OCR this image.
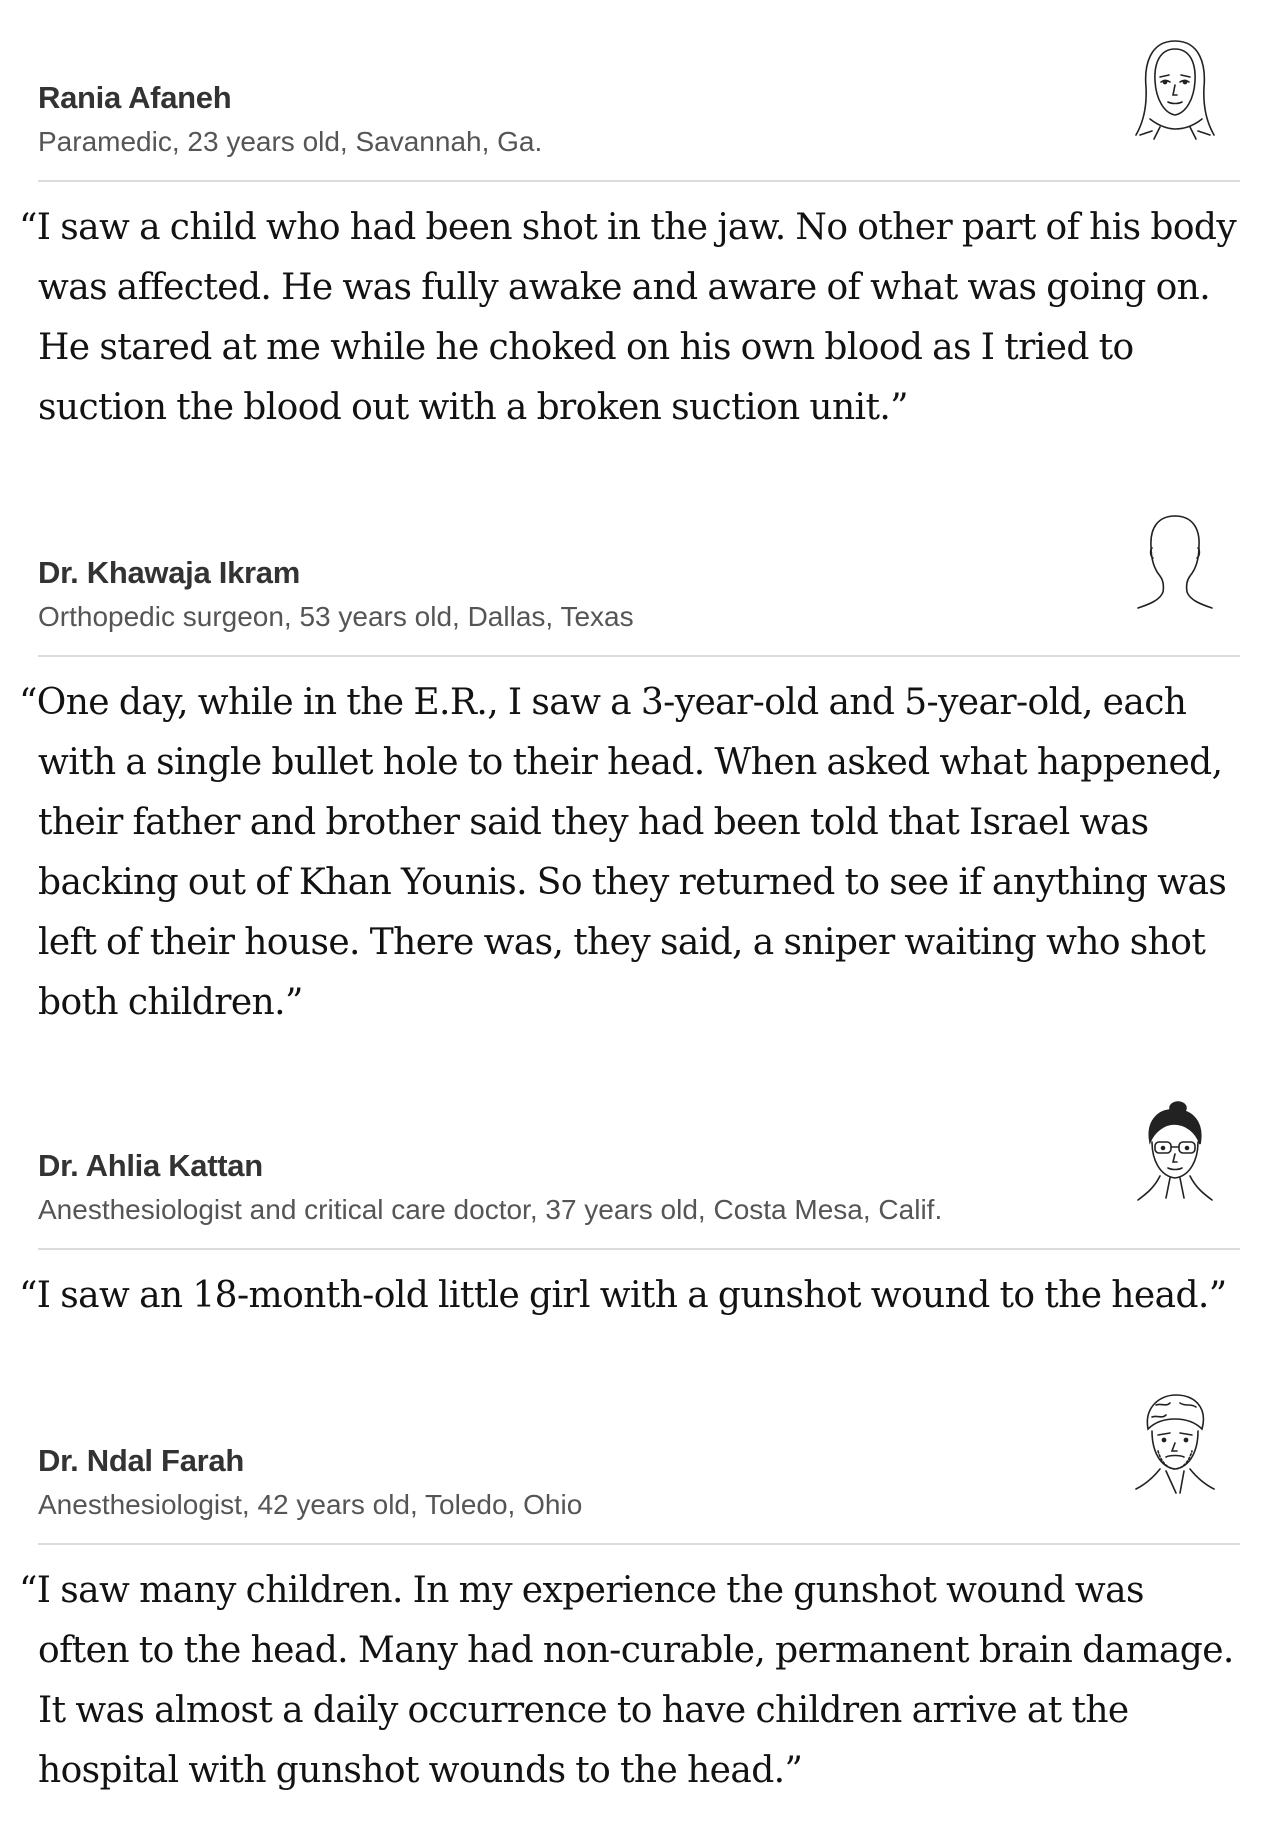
Rania Afaneh
Paramedic, 23 years old, Savannah, Ga.

“I saw a child who had been shot in the jaw. No other part of his body was affected. He was fully awake and aware of what was going on. He stared at me while he choked on his own blood as I tried to suction the blood out with a broken suction unit.”

Dr. Khawaja Ikram
Orthopedic surgeon, 53 years old, Dallas, Texas

“One day, while in the E.R., I saw a 3-year-old and 5-year-old, each with a single bullet hole to their head. When asked what happened, their father and brother said they had been told that Israel was backing out of Khan Younis. So they returned to see if anything was left of their house. There was, they said, a sniper waiting who shot both children.”

Dr. Ahlia Kattan
Anesthesiologist and critical care doctor, 37 years old, Costa Mesa, Calif.

“I saw an 18-month-old little girl with a gunshot wound to the head.”

Dr. Ndal Farah
Anesthesiologist, 42 years old, Toledo, Ohio

“I saw many children. In my experience the gunshot wound was often to the head. Many had non-curable, permanent brain damage. It was almost a daily occurrence to have children arrive at the hospital with gunshot wounds to the head.”
